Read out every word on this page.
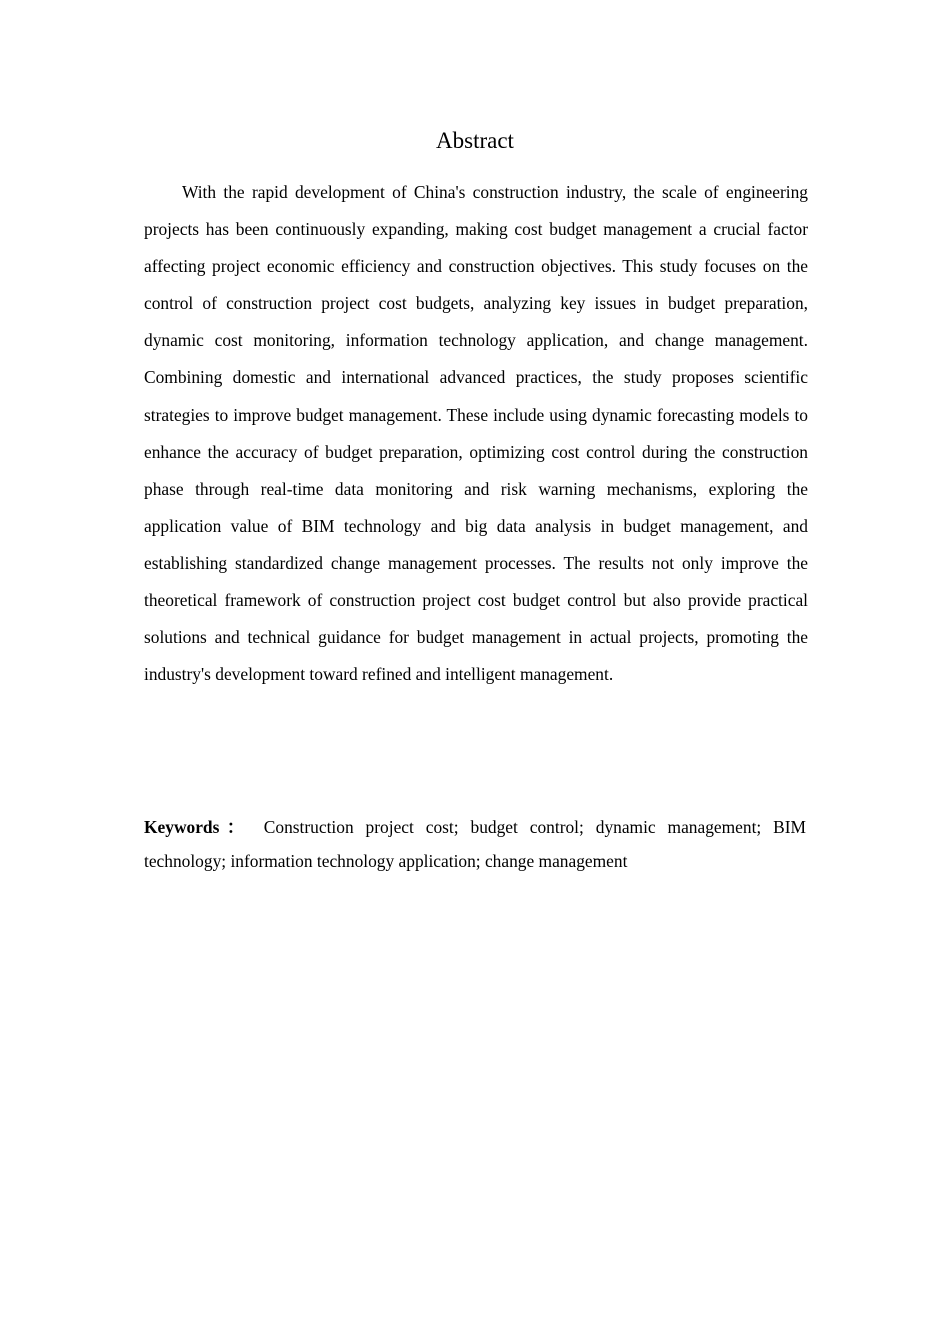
Abstract

With the rapid development of China's construction industry, the scale of engineering projects has been continuously expanding, making cost budget management a crucial factor affecting project economic efficiency and construction objectives. This study focuses on the control of construction project cost budgets, analyzing key issues in budget preparation, dynamic cost monitoring, information technology application, and change management. Combining domestic and international advanced practices, the study proposes scientific strategies to improve budget management. These include using dynamic forecasting models to enhance the accuracy of budget preparation, optimizing cost control during the construction phase through real-time data monitoring and risk warning mechanisms, exploring the application value of BIM technology and big data analysis in budget management, and establishing standardized change management processes. The results not only improve the theoretical framework of construction project cost budget control but also provide practical solutions and technical guidance for budget management in actual projects, promoting the industry's development toward refined and intelligent management.

Keywords： Construction project cost; budget control; dynamic management; BIM technology; information technology application; change management
